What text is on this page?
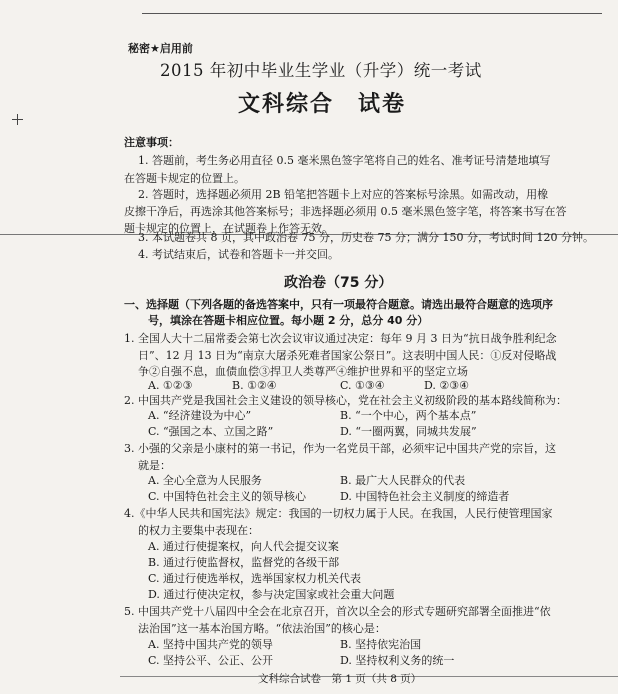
秘密★启用前
2015 年初中毕业生学业（升学）统一考试
文科综合　试卷
注意事项：
1. 答题前，考生务必用直径 0.5 毫米黑色签字笔将自己的姓名、准考证号清楚地填写
在答题卡规定的位置上。
2. 答题时，选择题必须用 2B 铅笔把答题卡上对应的答案标号涂黑。如需改动，用橡
皮擦干净后，再选涂其他答案标号；非选择题必须用 0.5 毫米黑色签字笔，将答案书写在答
题卡规定的位置上，在试题卷上作答无效。
3. 本试题卷共 8 页，其中政治卷 75 分，历史卷 75 分；满分 150 分，考试时间 120 分钟。
4. 考试结束后，试卷和答题卡一并交回。
政治卷（75 分）
一、选择题（下列各题的备选答案中，只有一项最符合题意。请选出最符合题意的选项序
号，填涂在答题卡相应位置。每小题 2 分，总分 40 分）
1. 全国人大十二届常委会第七次会议审议通过决定：每年 9 月 3 日为“抗日战争胜利纪念
日”、12 月 13 日为“南京大屠杀死难者国家公祭日”。这表明中国人民：①反对侵略战
争②自强不息，血债血偿③捍卫人类尊严④维护世界和平的坚定立场
A. ①②③	B. ①②④	C. ①③④	D. ②③④
2. 中国共产党是我国社会主义建设的领导核心，党在社会主义初级阶段的基本路线简称为：
A. “经济建设为中心”	B. “一个中心，两个基本点”
C. “强国之本、立国之路”	D. “一圈两翼，同城共发展”
3. 小强的父亲是小康村的第一书记，作为一名党员干部，必须牢记中国共产党的宗旨，这
就是：
A. 全心全意为人民服务	B. 最广大人民群众的代表
C. 中国特色社会主义的领导核心	D. 中国特色社会主义制度的缔造者
4.《中华人民共和国宪法》规定：我国的一切权力属于人民。在我国，人民行使管理国家
的权力主要集中表现在：
A. 通过行使提案权，向人代会提交议案
B. 通过行使监督权，监督党的各级干部
C. 通过行使选举权，选举国家权力机关代表
D. 通过行使决定权，参与决定国家或社会重大问题
5. 中国共产党十八届四中全会在北京召开，首次以全会的形式专题研究部署全面推进“依
法治国”这一基本治国方略。“依法治国”的核心是：
A. 坚持中国共产党的领导	B. 坚持依宪治国
C. 坚持公平、公正、公开	D. 坚持权利义务的统一
文科综合试卷　第 1 页（共 8 页）
